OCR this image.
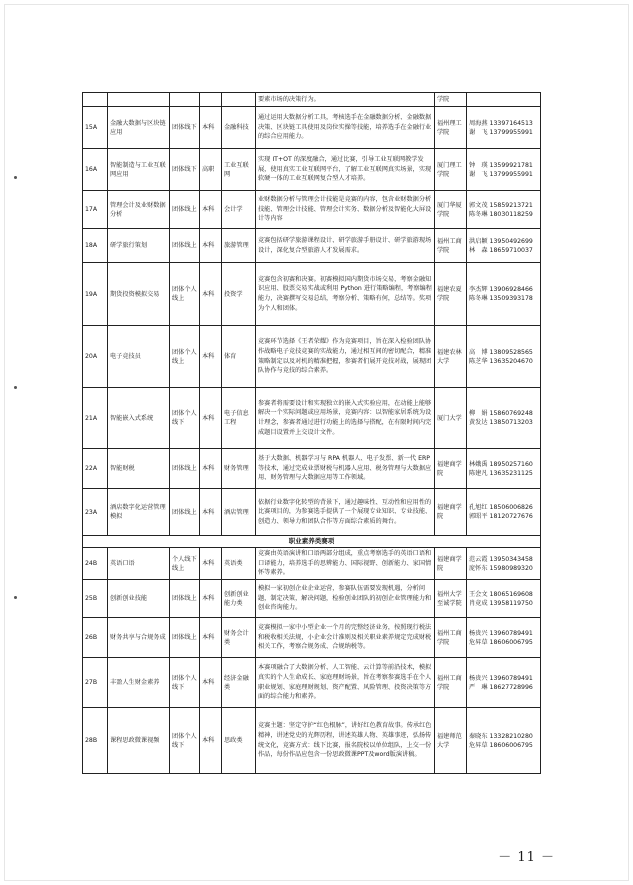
					要素市场的决策行为。	学院	
15A	金融大数据与区块链应用	团体线下	本科	金融科技	通过运用大数据分析工具，考核选手在金融数据分析、金融数据决策、区块链工具使用及岗位实操等技能，培养选手在金融行业的综合应用能力。	福州理工学院	周海燕 13397164513
谢　飞 13799955991
16A	智能制造与工业互联网应用	团体线下	高职	工业互联网	实现 IT+OT 的深度融合，通过比赛，引导工业互联网教学发展，使用真实工业互联网平台，了解工业互联网真实场景，实现软硬一体的工业互联网复合型人才培养。	厦门理工学院	钟　瑛 13599921781
谢　飞 13799955991
17A	管理会计及业财数据分析	团体线上	本科	会计学	业财数据分析与管理会计技能是竞赛的内容，包含业财数据分析技能、管理会计技能、管理会计实务、数据分析及智能化大屏设计等内容	厦门华厦学院	郭文茂 15859213721
陈冬琳 18030118259
18A	研学旅行策划	团体线上	本科	旅游管理	竞赛包括研学旅游课程设计、研学旅游手册设计、研学旅游现场设计，深化复合型旅游人才发展需求。	福州工商学院	洪启颖 13950492699
林　森 18659710037
19A	期货投资模拟交易	团体个人线上	本科	投资学	竞赛包含初赛和决赛。初赛模拟国内期货市场交易，考察金融知识应用、股票交易实战或利用 Python 进行策略编程，考察编程能力，决赛撰写交易总结，考察分析、策略有何，总结等。奖项为个人和团体。	福建农夏学院	李杰辉 13906928466
陈冬琳 13509393178
20A	电子竞技员	团体个人线上	本科	体育	竞赛环节选择《王者荣耀》作为竞赛项目，旨在深入检验团队协作战略电子竞技竞赛的实战能力，通过相互间的密切配合，精准策略制定以及对机的精准把握，参赛者们展开竞技对战，展现团队协作与竞技的综合素养。	福建农林大学	高　博 13809528565
陈芝华 13635204670
21A	智能嵌入式系统	团体个人线下	本科	电子信息工程	参赛者将需要设计和实现独立的嵌入式实验应用，在动能上能够解决一个实际问题或应用场景，竞赛内容：以智能家居系统为设计理念，参赛者通过进行功能上的选择与搭配，在有限时间内完成题目设置并上交设计文件。	厦门大学	柳　娟 15860769248
黄发达 13850713203
22A	智能财税	团体线上	本科	财务管理	基于大数据、机器学习与 RPA 机器人、电子发票、新一代 ERP 等技术，通过完成业票财税与机器人应用、税务管理与大数据应用、财务管理与大数据应用等工作领域。	福建商学院	林娥禹 18950257160
陈建凡 13635231125
23A	酒店数字化运营管理模拟	团体线上	本科	酒店管理	依据行业数字化转型的背景下，通过趣味性、互动性和应用性的比赛项目的，为参赛选手提供了一个展现专业知识、专业技能、创造力、领导力和团队合作等方面综合素质的舞台。	福建商学院	孔旭红 18506006826
郭昭平 18120727676
职业素养类赛项							
24B	英语口语	个人线下线上	本科	英语类	竞赛由英语演讲和口语两部分组成，重点考察选手的英语口语和口译能力，培养选手的思辨能力、国际视野、创新能力、家国情怀等素养。	福建商学院	范云霞 13950343458
庞怀东 15980989320
25B	创新创业技能	团体线上	本科	创新创业能力类	模拟一家初创企业企业运营，参赛队伍需要发现机遇，分析问题，制定决策，解决问题，检验创业团队的初创企业管理能力和创业咨询能力。	福州大学至诚学院	王会文 18065169608
肖竟成 13958119750
26B	财务共享与合规务成	团体线上	本科	财务会计类	竞赛模拟一家中小型企业一个月的完整经济业务，按照现行税法和税收相关法规，小企业会计准则及相关职业素养规定完成财税相关工作，考察合规务成、合规纳税等。	福州工商学院	杨贵兴 13960789491
危昇草 18606006795
27B	丰盈人生财金素养	团体个人线下	本科	经济金融类	本赛项融合了大数据分析、人工智能、云计算等前沿技术，模拟真实的个人生命成长、家庭理财场景，旨在考察参赛选手在个人职业规划、家庭理财规划、资产配置、风险管理、投资决策等方面的综合能力和素养。	福州工商学院	杨贵兴 13960789491
严　琳 18627728996
28B	课程思政微课视频	团体个人线下	本科	思政类	竞赛主题：坚定守护“红色根脉”，讲好红色教育故事。传承红色精神，讲述党史的光辉历程，讲述英雄人物、英雄事迹，弘扬传统文化，竞赛方式：线下比赛，报名院校以单位组队，上交一份作品，每份作品应包含一份思政微课PPT及word版演讲稿。	福建师范大学	秦晓东 13328210280
危昇草 18606006795
－ 11 －
